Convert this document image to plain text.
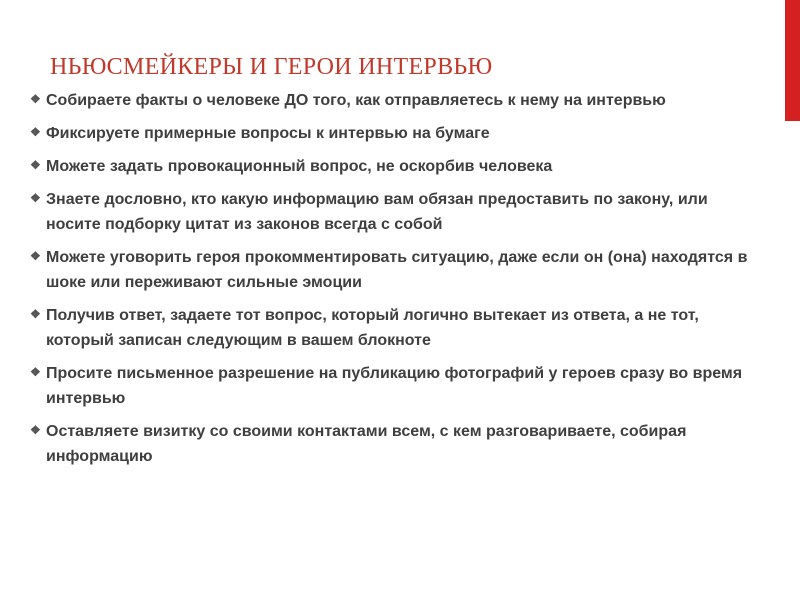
НЬЮСМЕЙКЕРЫ И ГЕРОИ ИНТЕРВЬЮ
❖ Собираете факты о человеке ДО того, как отправляетесь к нему на интервью
❖ Фиксируете примерные вопросы к интервью на бумаге
❖ Можете задать провокационный вопрос, не оскорбив человека
❖ Знаете дословно, кто какую информацию вам обязан предоставить по закону, или носите подборку цитат из законов всегда с собой
❖ Можете уговорить героя прокомментировать ситуацию, даже если он (она) находятся в шоке или переживают сильные эмоции
❖ Получив ответ, задаете тот вопрос, который логично вытекает из ответа, а не тот, который записан следующим в вашем блокноте
❖ Просите письменное разрешение на публикацию фотографий у героев сразу во время интервью
❖ Оставляете визитку со своими контактами всем, с кем разговариваете, собирая информацию
